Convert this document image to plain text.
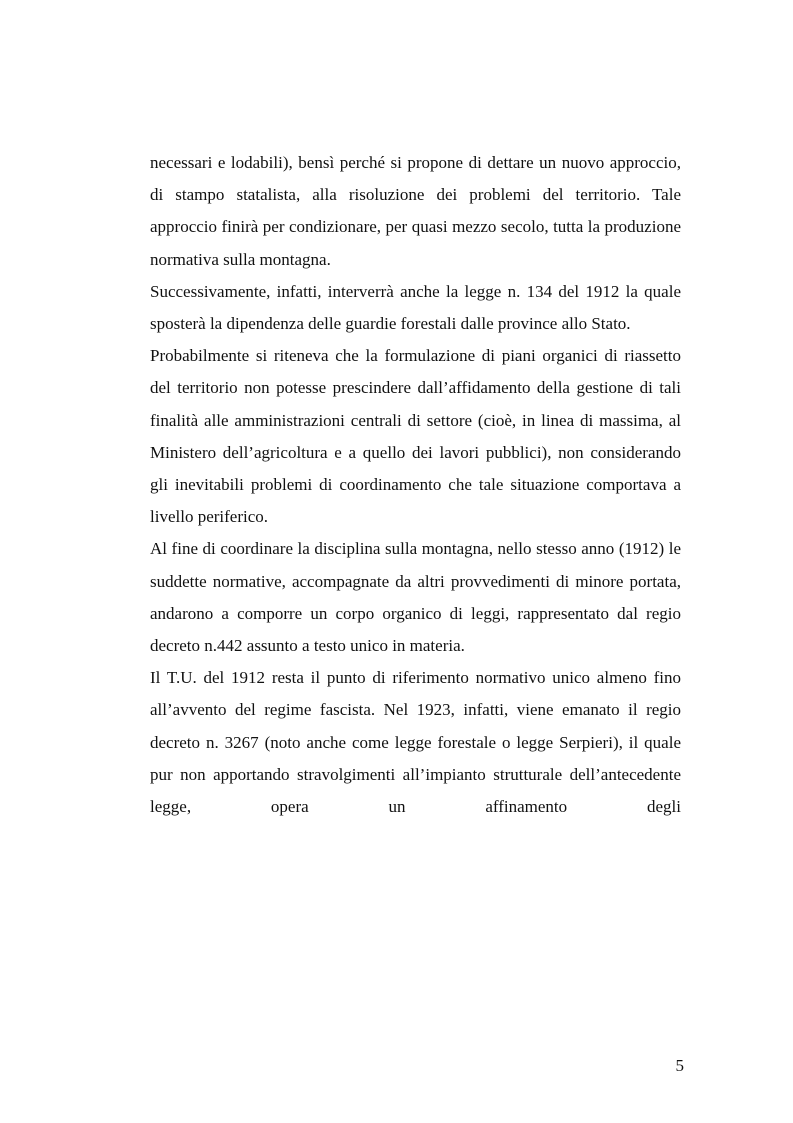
necessari e lodabili), bensì perché si propone di dettare un nuovo approccio, di stampo statalista, alla risoluzione dei problemi del territorio. Tale approccio finirà per condizionare, per quasi mezzo secolo, tutta la produzione normativa sulla montagna.

Successivamente, infatti, interverrà anche la legge n. 134 del 1912 la quale sposterà la dipendenza delle guardie forestali dalle province allo Stato.

Probabilmente si riteneva che la formulazione di piani organici di riassetto del territorio non potesse prescindere dall’affidamento della gestione di tali finalità alle amministrazioni centrali di settore (cioè, in linea di massima, al Ministero dell’agricoltura e a quello dei lavori pubblici), non considerando gli inevitabili problemi di coordinamento che tale situazione comportava a livello periferico.

Al fine di coordinare la disciplina sulla montagna, nello stesso anno (1912) le suddette normative, accompagnate da altri provvedimenti di minore portata, andarono a comporre un corpo organico di leggi, rappresentato dal regio decreto n.442 assunto a testo unico in materia.

Il T.U. del 1912 resta il punto di riferimento normativo unico almeno fino all’avvento del regime fascista. Nel 1923, infatti, viene emanato il regio decreto n. 3267 (noto anche come legge forestale o legge Serpieri), il quale pur non apportando stravolgimenti all’impianto strutturale dell’antecedente legge, opera un affinamento degli

5
